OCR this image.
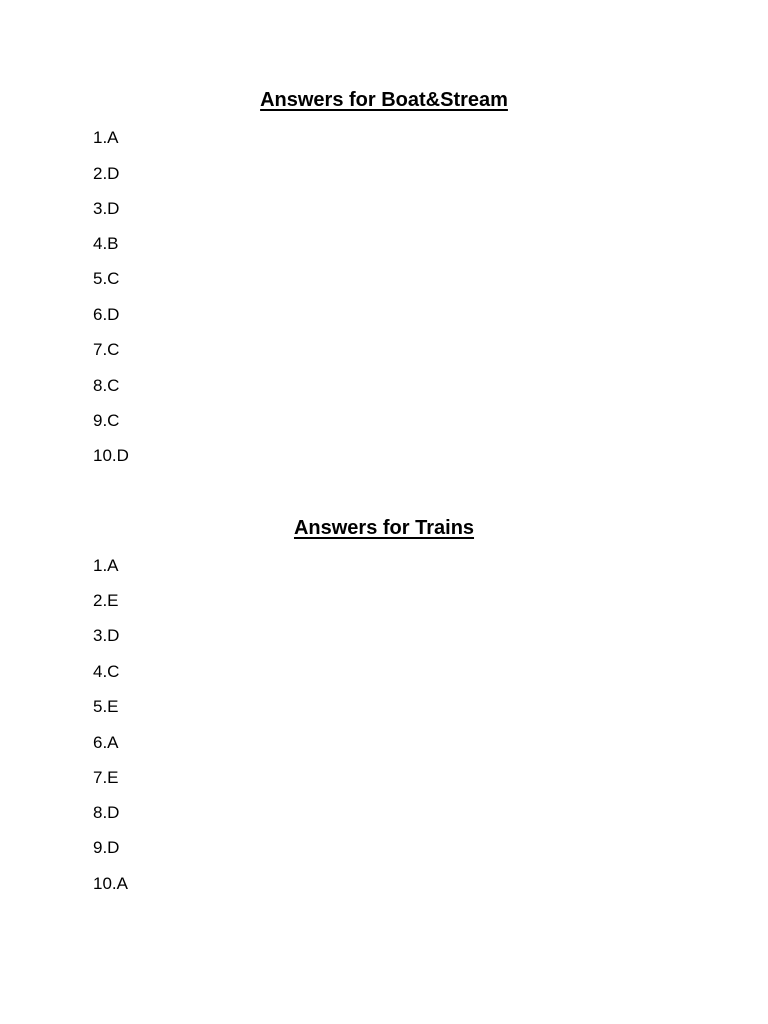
Answers for Boat&Stream

1.A

2.D

3.D

4.B

5.C

6.D

7.C

8.C

9.C

10.D

Answers for Trains

1.A

2.E

3.D

4.C

5.E

6.A

7.E

8.D

9.D

10.A
